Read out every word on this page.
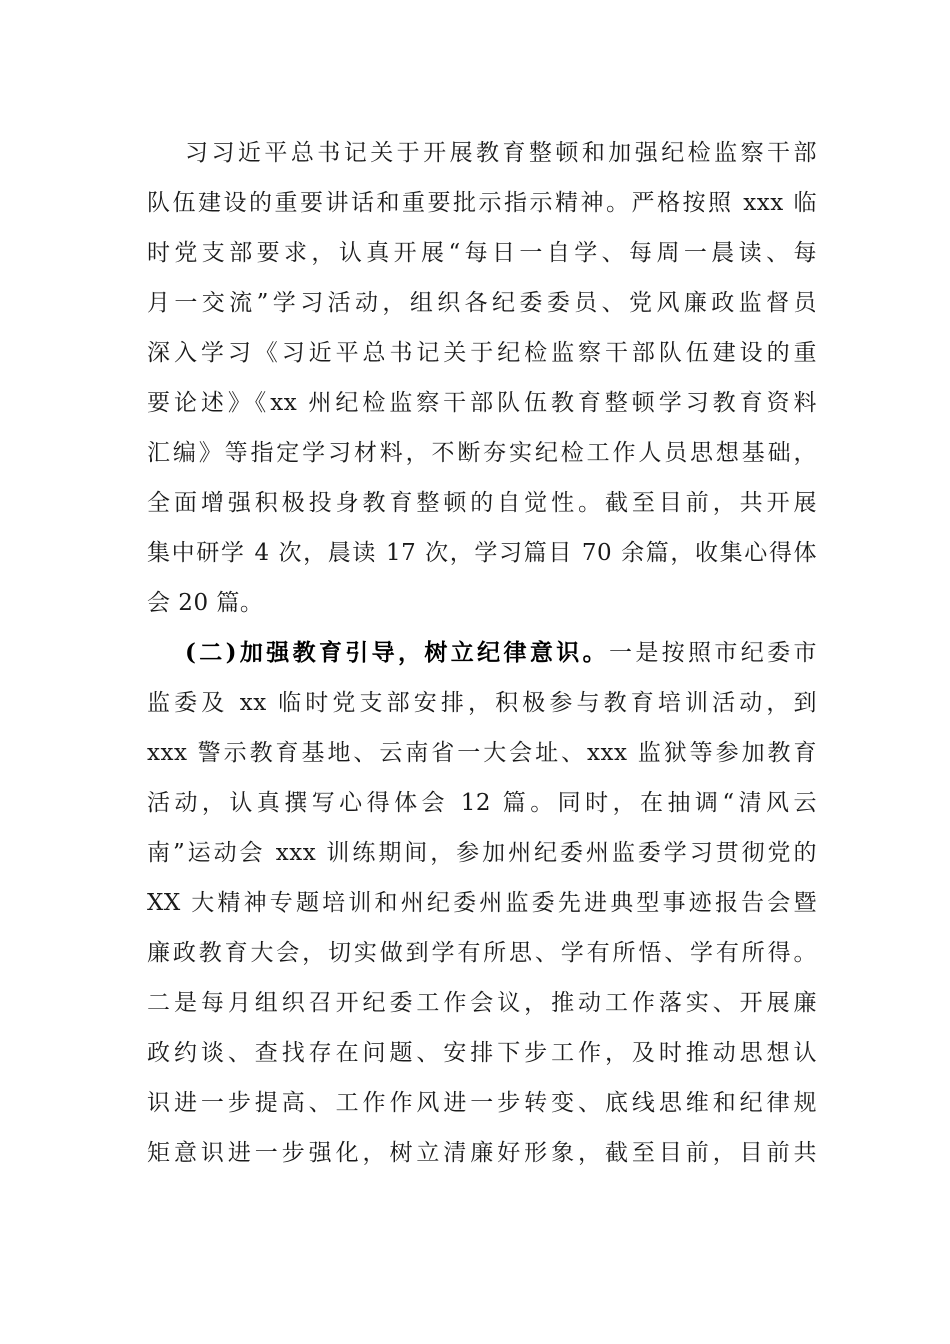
习习近平总书记关于开展教育整顿和加强纪检监察干部
队伍建设的重要讲话和重要批示指示精神。严格按照 xxx 临
时党支部要求，认真开展“每日一自学、每周一晨读、每
月一交流”学习活动，组织各纪委委员、党风廉政监督员
深入学习《习近平总书记关于纪检监察干部队伍建设的重
要论述》《xx 州纪检监察干部队伍教育整顿学习教育资料
汇编》等指定学习材料，不断夯实纪检工作人员思想基础，
全面增强积极投身教育整顿的自觉性。截至目前，共开展
集中研学 4 次，晨读 17 次，学习篇目 70 余篇，收集心得体
会 20 篇。
(二)加强教育引导，树立纪律意识。一是按照市纪委市
监委及 xx 临时党支部安排，积极参与教育培训活动，到
xxx 警示教育基地、云南省一大会址、xxx 监狱等参加教育
活动，认真撰写心得体会 12 篇。同时，在抽调“清风云
南”运动会 xxx 训练期间，参加州纪委州监委学习贯彻党的
XX 大精神专题培训和州纪委州监委先进典型事迹报告会暨
廉政教育大会，切实做到学有所思、学有所悟、学有所得。
二是每月组织召开纪委工作会议，推动工作落实、开展廉
政约谈、查找存在问题、安排下步工作，及时推动思想认
识进一步提高、工作作风进一步转变、底线思维和纪律规
矩意识进一步强化，树立清廉好形象，截至目前，目前共
